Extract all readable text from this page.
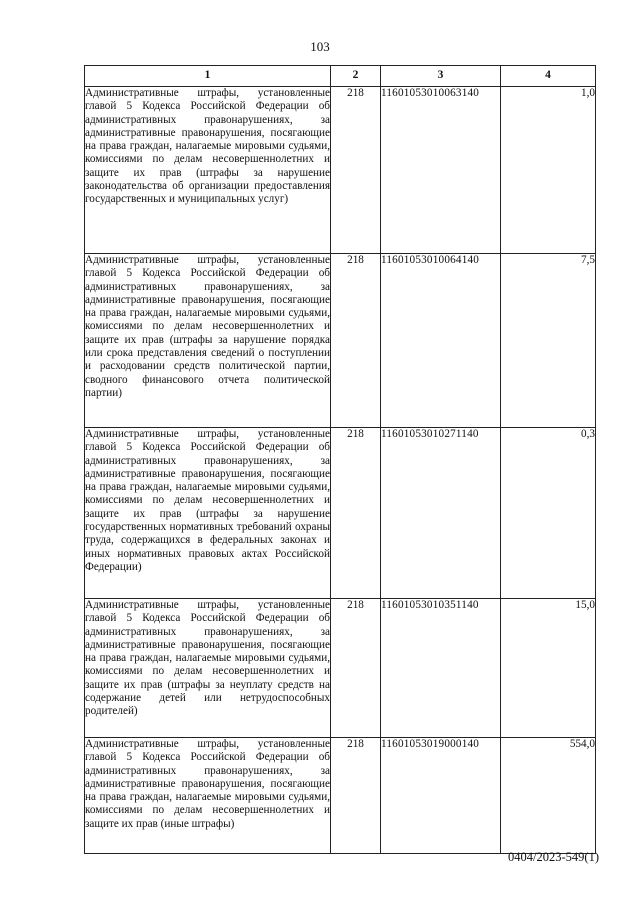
103
1	2	3	4
Административные штрафы, установленные главой 5 Кодекса Российской Федерации об административных правонарушениях, за административные правонарушения, посягающие на права граждан, налагаемые мировыми судьями, комиссиями по делам несовершеннолетних и защите их прав (штрафы за нарушение законодательства об организации предоставления государственных и муниципальных услуг)	218	11601053010063140	1,0
Административные штрафы, установленные главой 5 Кодекса Российской Федерации об административных правонарушениях, за административные правонарушения, посягающие на права граждан, налагаемые мировыми судьями, комиссиями по делам несовершеннолетних и защите их прав (штрафы за нарушение порядка или срока представления сведений о поступлении и расходовании средств политической партии, сводного финансового отчета политической партии)	218	11601053010064140	7,5
Административные штрафы, установленные главой 5 Кодекса Российской Федерации об административных правонарушениях, за административные правонарушения, посягающие на права граждан, налагаемые мировыми судьями, комиссиями по делам несовершеннолетних и защите их прав (штрафы за нарушение государственных нормативных требований охраны труда, содержащихся в федеральных законах и иных нормативных правовых актах Российской Федерации)	218	11601053010271140	0,3
Административные штрафы, установленные главой 5 Кодекса Российской Федерации об административных правонарушениях, за административные правонарушения, посягающие на права граждан, налагаемые мировыми судьями, комиссиями по делам несовершеннолетних и защите их прав (штрафы за неуплату средств на содержание детей или нетрудоспособных родителей)	218	11601053010351140	15,0
Административные штрафы, установленные главой 5 Кодекса Российской Федерации об административных правонарушениях, за административные правонарушения, посягающие на права граждан, налагаемые мировыми судьями, комиссиями по делам несовершеннолетних и защите их прав (иные штрафы)	218	11601053019000140	554,0
0404/2023-549(1)
